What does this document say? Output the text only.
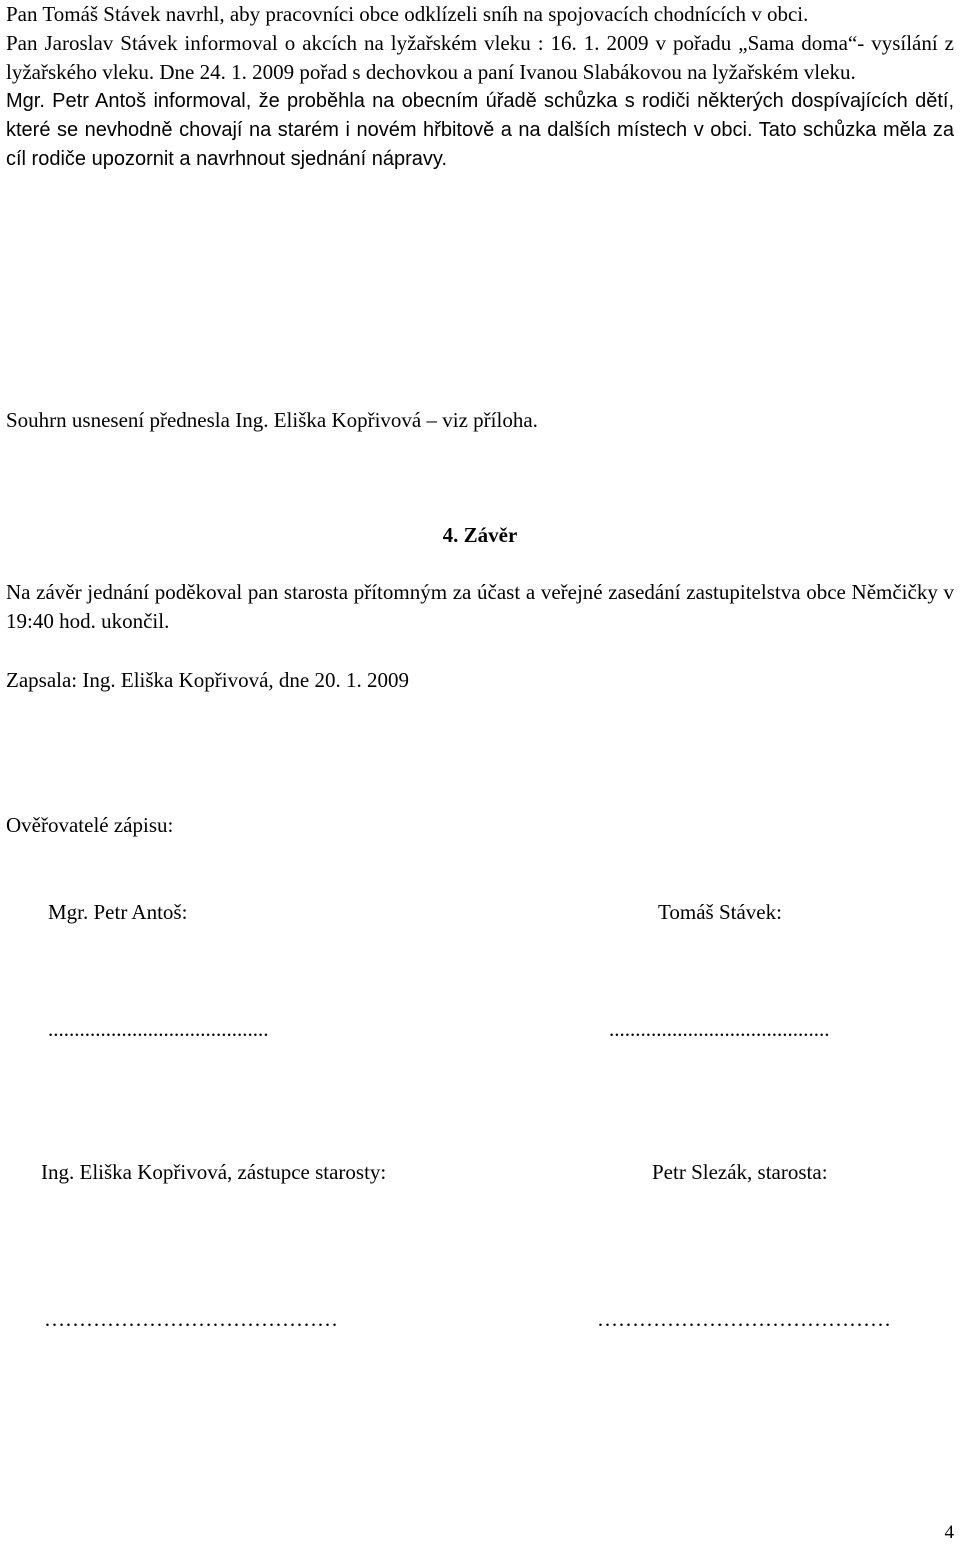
Pan Tomáš Stávek navrhl, aby pracovníci obce odklízeli sníh na spojovacích chodnících v obci.

Pan Jaroslav Stávek informoval o akcích na lyžařském vleku : 16. 1. 2009 v pořadu „Sama doma“- vysílání z lyžařského vleku. Dne 24. 1. 2009 pořad s dechovkou a paní Ivanou Slabákovou na lyžařském vleku.

Mgr. Petr Antoš informoval, že proběhla na obecním úřadě schůzka s rodiči některých dospívajících dětí, které se nevhodně chovají na starém i novém hřbitově a na dalších místech v obci. Tato schůzka měla za cíl rodiče upozornit a navrhnout sjednání nápravy.

Souhrn usnesení přednesla Ing. Eliška Kopřivová – viz příloha.

4. Závěr

Na závěr jednání poděkoval pan starosta přítomným za účast a veřejné zasedání zastupitelstva obce Němčičky v 19:40 hod. ukončil.

Zapsala: Ing. Eliška Kopřivová, dne 20. 1. 2009
Ověřovatelé zápisu:
Mgr. Petr Antoš:	Tomáš Stávek:
..........................................	..........................................
Ing. Eliška Kopřivová, zástupce starosty:	Petr Slezák, starosta:
……………………………………	……………………………………
4
